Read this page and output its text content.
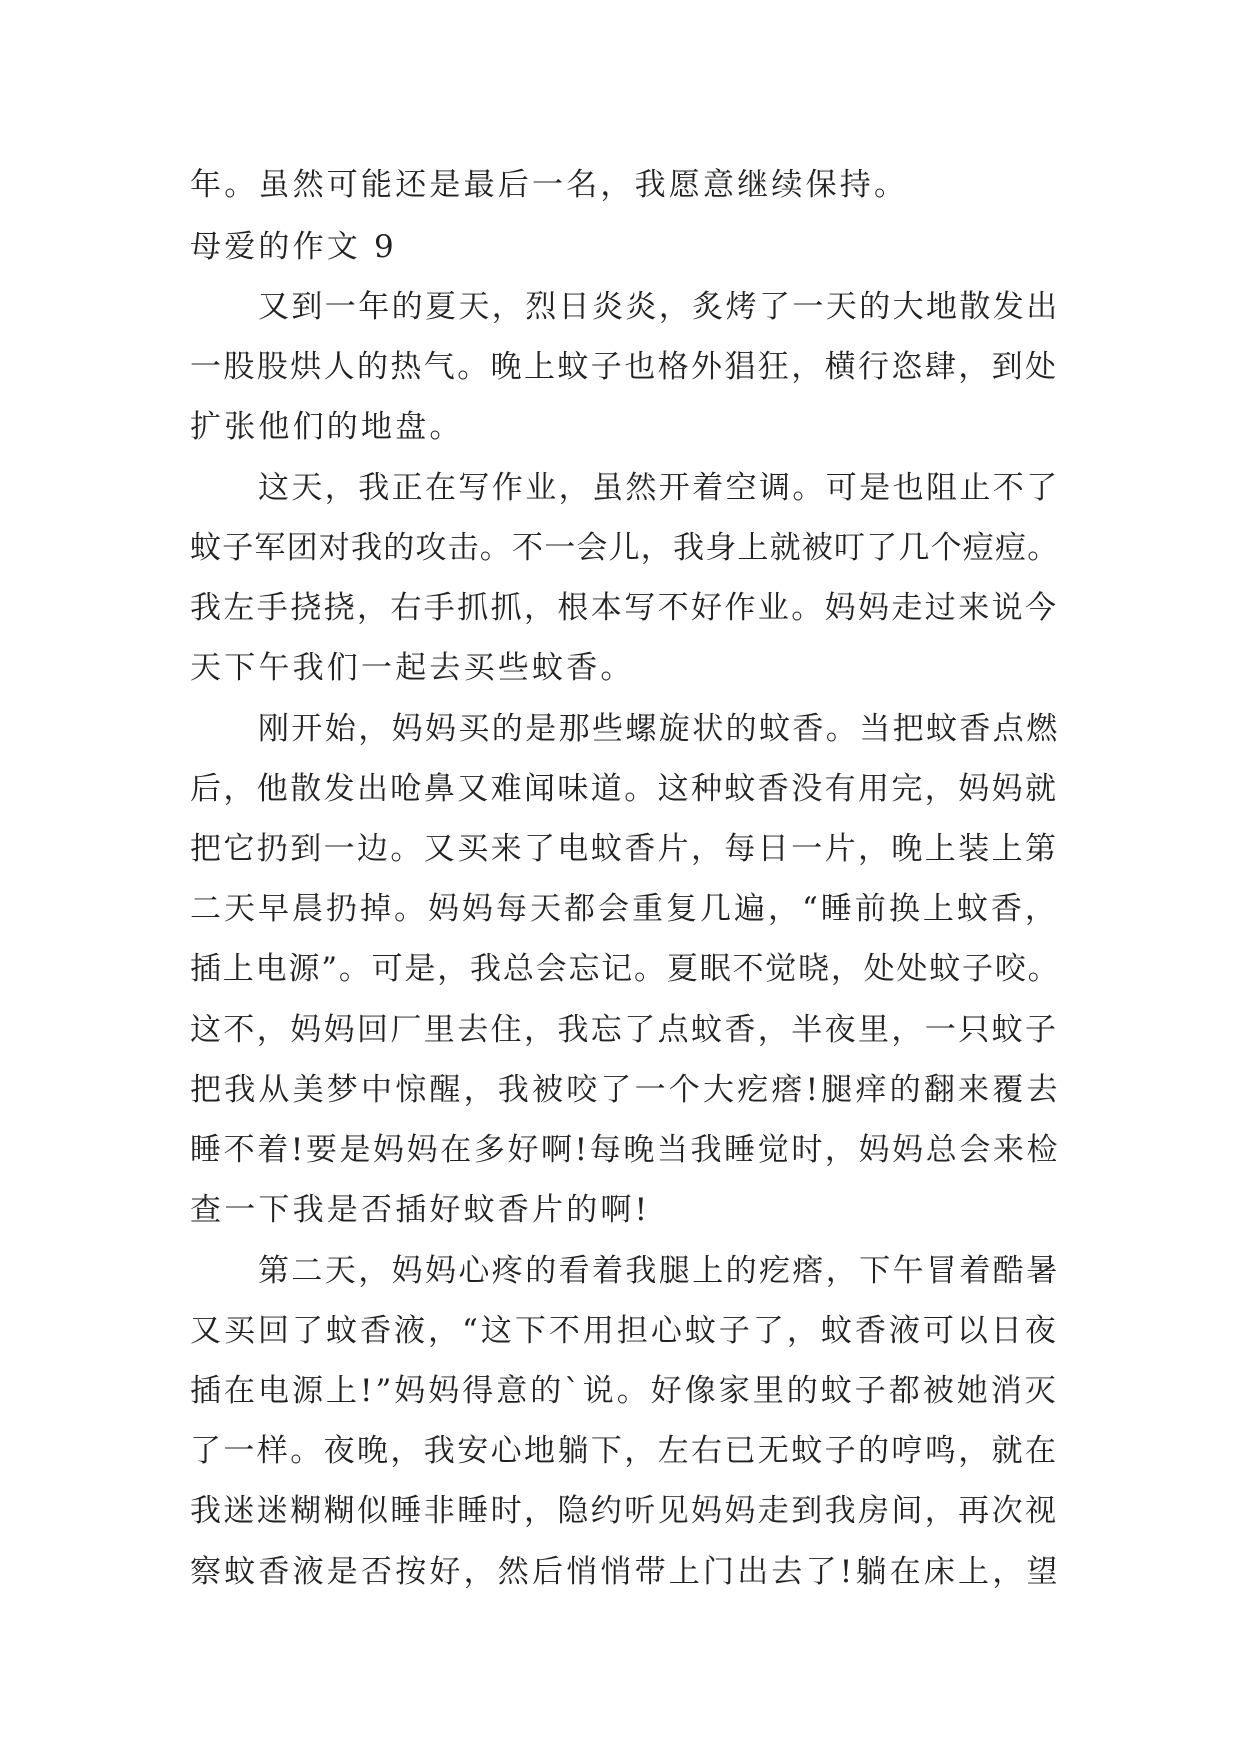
年。虽然可能还是最后一名，我愿意继续保持。
母爱的作文 9
又到一年的夏天，烈日炎炎，炙烤了一天的大地散发出
一股股烘人的热气。晚上蚊子也格外猖狂，横行恣肆，到处
扩张他们的地盘。
这天，我正在写作业，虽然开着空调。可是也阻止不了
蚊子军团对我的攻击。不一会儿，我身上就被叮了几个痘痘。
我左手挠挠，右手抓抓，根本写不好作业。妈妈走过来说今
天下午我们一起去买些蚊香。
刚开始，妈妈买的是那些螺旋状的蚊香。当把蚊香点燃
后，他散发出呛鼻又难闻味道。这种蚊香没有用完，妈妈就
把它扔到一边。又买来了电蚊香片，每日一片，晚上装上第
二天早晨扔掉。妈妈每天都会重复几遍，“睡前换上蚊香，
插上电源”。可是，我总会忘记。夏眠不觉晓，处处蚊子咬。
这不，妈妈回厂里去住，我忘了点蚊香，半夜里，一只蚊子
把我从美梦中惊醒，我被咬了一个大疙瘩!腿痒的翻来覆去
睡不着!要是妈妈在多好啊!每晚当我睡觉时，妈妈总会来检
查一下我是否插好蚊香片的啊!
第二天，妈妈心疼的看着我腿上的疙瘩，下午冒着酷暑
又买回了蚊香液，“这下不用担心蚊子了，蚊香液可以日夜
插在电源上!”妈妈得意的`说。好像家里的蚊子都被她消灭
了一样。夜晚，我安心地躺下，左右已无蚊子的哼鸣，就在
我迷迷糊糊似睡非睡时，隐约听见妈妈走到我房间，再次视
察蚊香液是否按好，然后悄悄带上门出去了!躺在床上，望
